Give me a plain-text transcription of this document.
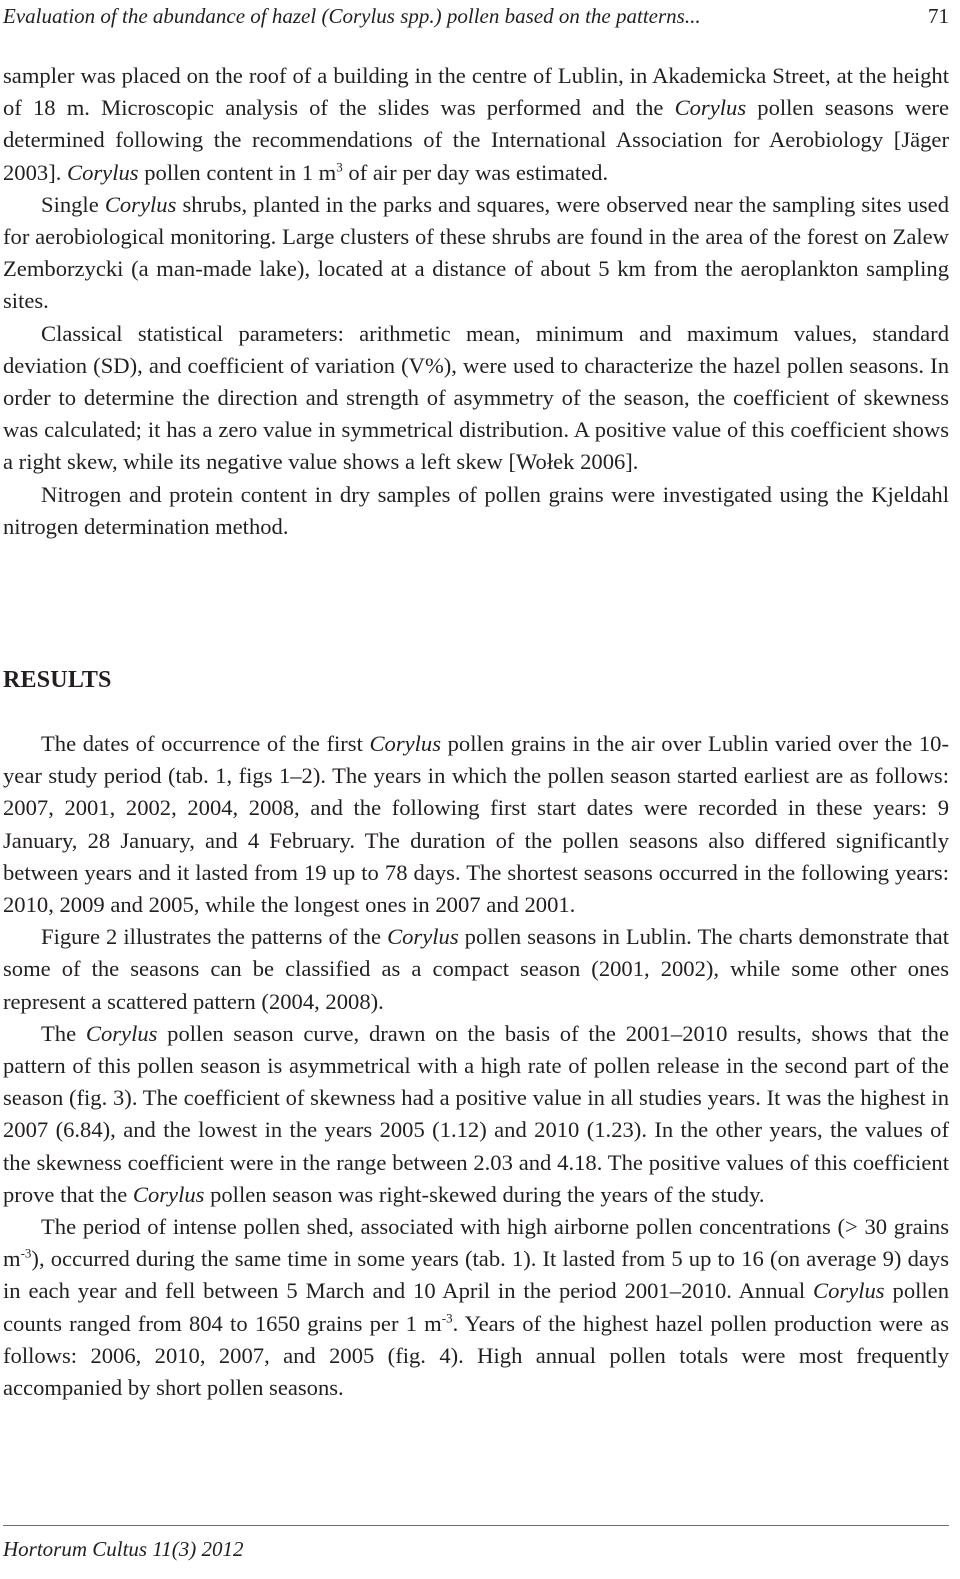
Evaluation of the abundance of hazel (Corylus spp.) pollen based on the patterns...	71

sampler was placed on the roof of a building in the centre of Lublin, in Akademicka Street, at the height of 18 m. Microscopic analysis of the slides was performed and the Corylus pollen seasons were determined following the recommendations of the International Association for Aerobiology [Jäger 2003]. Corylus pollen content in 1 $m^3$ of air per day was estimated.

Single Corylus shrubs, planted in the parks and squares, were observed near the sampling sites used for aerobiological monitoring. Large clusters of these shrubs are found in the area of the forest on Zalew Zemborzycki (a man-made lake), located at a distance of about 5 km from the aeroplankton sampling sites.

Classical statistical parameters: arithmetic mean, minimum and maximum values, standard deviation (SD), and coefficient of variation (V%), were used to characterize the hazel pollen seasons. In order to determine the direction and strength of asymmetry of the season, the coefficient of skewness was calculated; it has a zero value in symmetrical distribution. A positive value of this coefficient shows a right skew, while its negative value shows a left skew [Wołek 2006].

Nitrogen and protein content in dry samples of pollen grains were investigated using the Kjeldahl nitrogen determination method.

RESULTS

The dates of occurrence of the first Corylus pollen grains in the air over Lublin varied over the 10-year study period (tab. 1, figs 1–2). The years in which the pollen season started earliest are as follows: 2007, 2001, 2002, 2004, 2008, and the following first start dates were recorded in these years: 9 January, 28 January, and 4 February. The duration of the pollen seasons also differed significantly between years and it lasted from 19 up to 78 days. The shortest seasons occurred in the following years: 2010, 2009 and 2005, while the longest ones in 2007 and 2001.

Figure 2 illustrates the patterns of the Corylus pollen seasons in Lublin. The charts demonstrate that some of the seasons can be classified as a compact season (2001, 2002), while some other ones represent a scattered pattern (2004, 2008).

The Corylus pollen season curve, drawn on the basis of the 2001–2010 results, shows that the pattern of this pollen season is asymmetrical with a high rate of pollen release in the second part of the season (fig. 3). The coefficient of skewness had a positive value in all studies years. It was the highest in 2007 (6.84), and the lowest in the years 2005 (1.12) and 2010 (1.23). In the other years, the values of the skewness coefficient were in the range between 2.03 and 4.18. The positive values of this coefficient prove that the Corylus pollen season was right-skewed during the years of the study.

The period of intense pollen shed, associated with high airborne pollen concentrations (> 30 grains $m^{-3}$), occurred during the same time in some years (tab. 1). It lasted from 5 up to 16 (on average 9) days in each year and fell between 5 March and 10 April in the period 2001–2010. Annual Corylus pollen counts ranged from 804 to 1650 grains per 1 $m^{-3}$. Years of the highest hazel pollen production were as follows: 2006, 2010, 2007, and 2005 (fig. 4). High annual pollen totals were most frequently accompanied by short pollen seasons.

Hortorum Cultus 11(3) 2012
